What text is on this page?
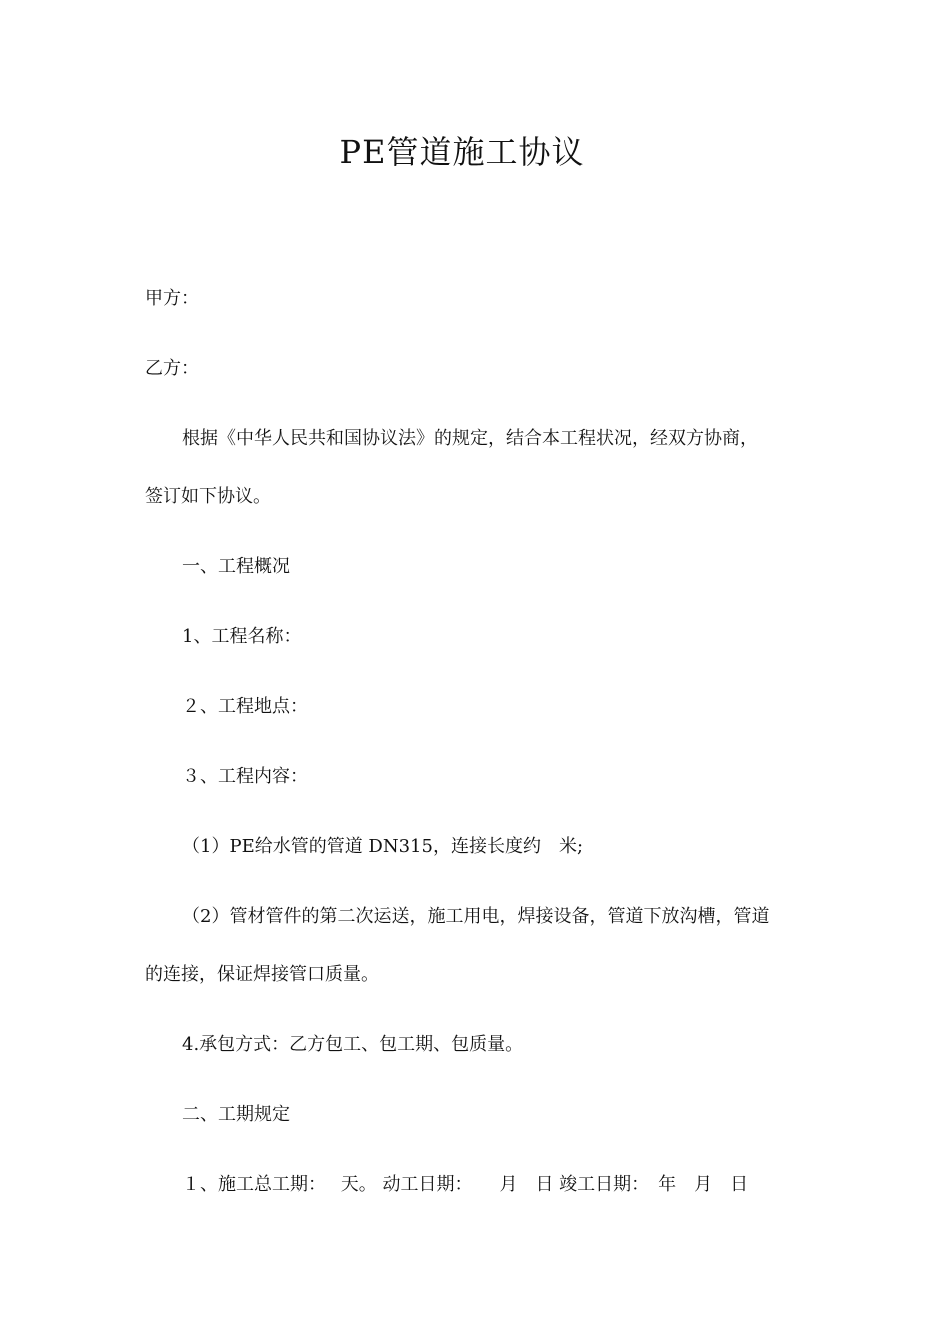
PE管道施工协议
甲方：
乙方：
根据《中华人民共和国协议法》的规定，结合本工程状况，经双方协商，
签订如下协议。
一、工程概况
1、工程名称：
２、工程地点：
３、工程内容：
（1）PE给水管的管道 DN315，连接长度约　米;
（2）管材管件的第二次运送，施工用电，焊接设备，管道下放沟槽，管道
的连接，保证焊接管口质量。
4.承包方式：乙方包工、包工期、包质量。
二、工期规定
１、施工总工期：　 天。 动工日期：　　月　日 竣工日期：　年　月　日
